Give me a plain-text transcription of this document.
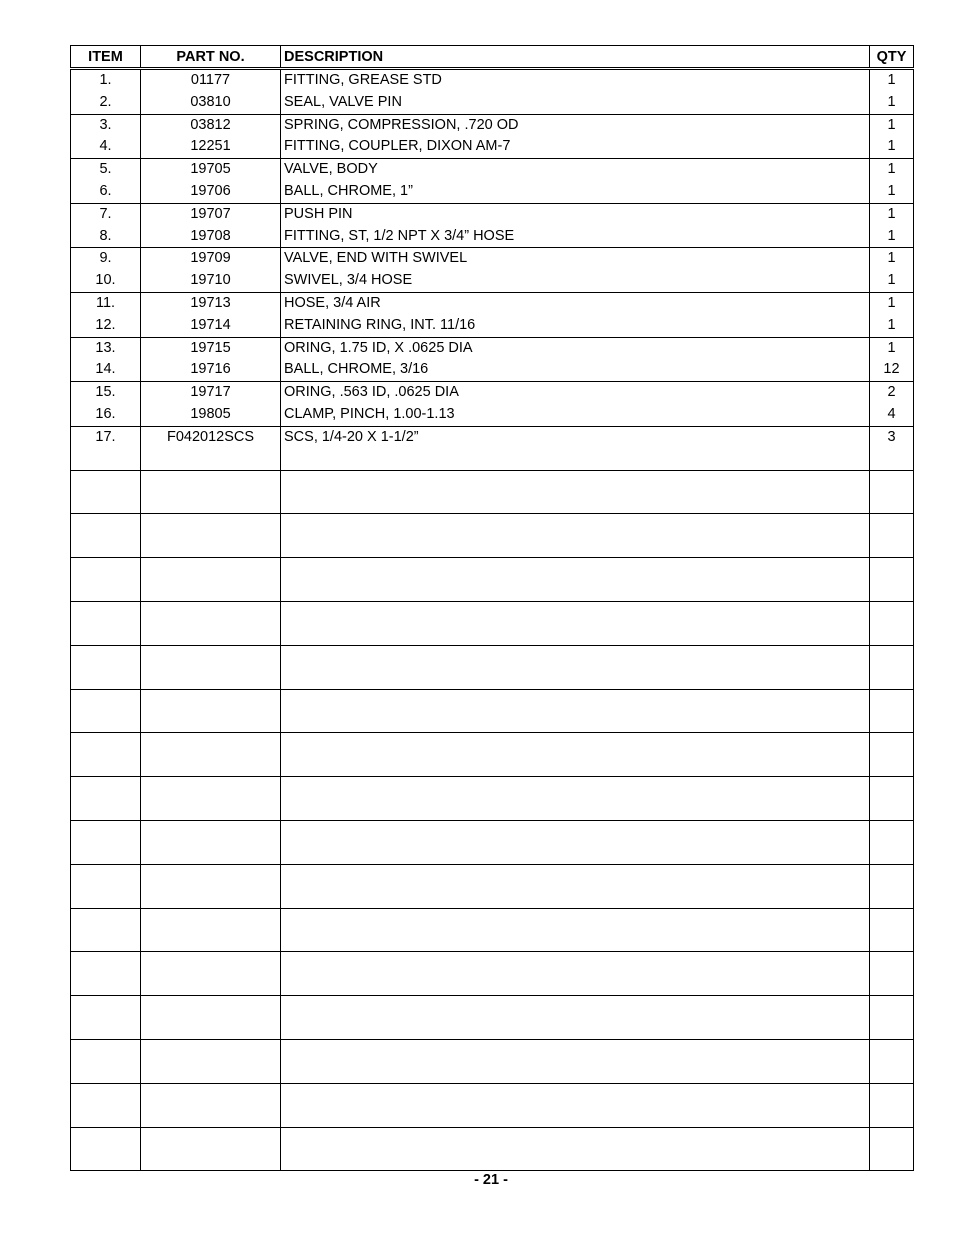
ITEM	PART NO.	DESCRIPTION	QTY
1.	01177	FITTING, GREASE STD	1
2.	03810	SEAL, VALVE PIN	1
3.	03812	SPRING, COMPRESSION, .720 OD	1
4.	12251	FITTING, COUPLER, DIXON AM-7	1
5.	19705	VALVE, BODY	1
6.	19706	BALL, CHROME, 1”	1
7.	19707	PUSH PIN	1
8.	19708	FITTING, ST, 1/2 NPT X 3/4” HOSE	1
9.	19709	VALVE, END WITH SWIVEL	1
10.	19710	SWIVEL, 3/4 HOSE	1
11.	19713	HOSE, 3/4 AIR	1
12.	19714	RETAINING RING, INT. 11/16	1
13.	19715	ORING, 1.75 ID, X .0625 DIA	1
14.	19716	BALL, CHROME, 3/16	12
15.	19717	ORING, .563 ID, .0625 DIA	2
16.	19805	CLAMP, PINCH, 1.00-1.13	4
17.	F042012SCS	SCS, 1/4-20 X 1-1/2”	3

- 21 -
